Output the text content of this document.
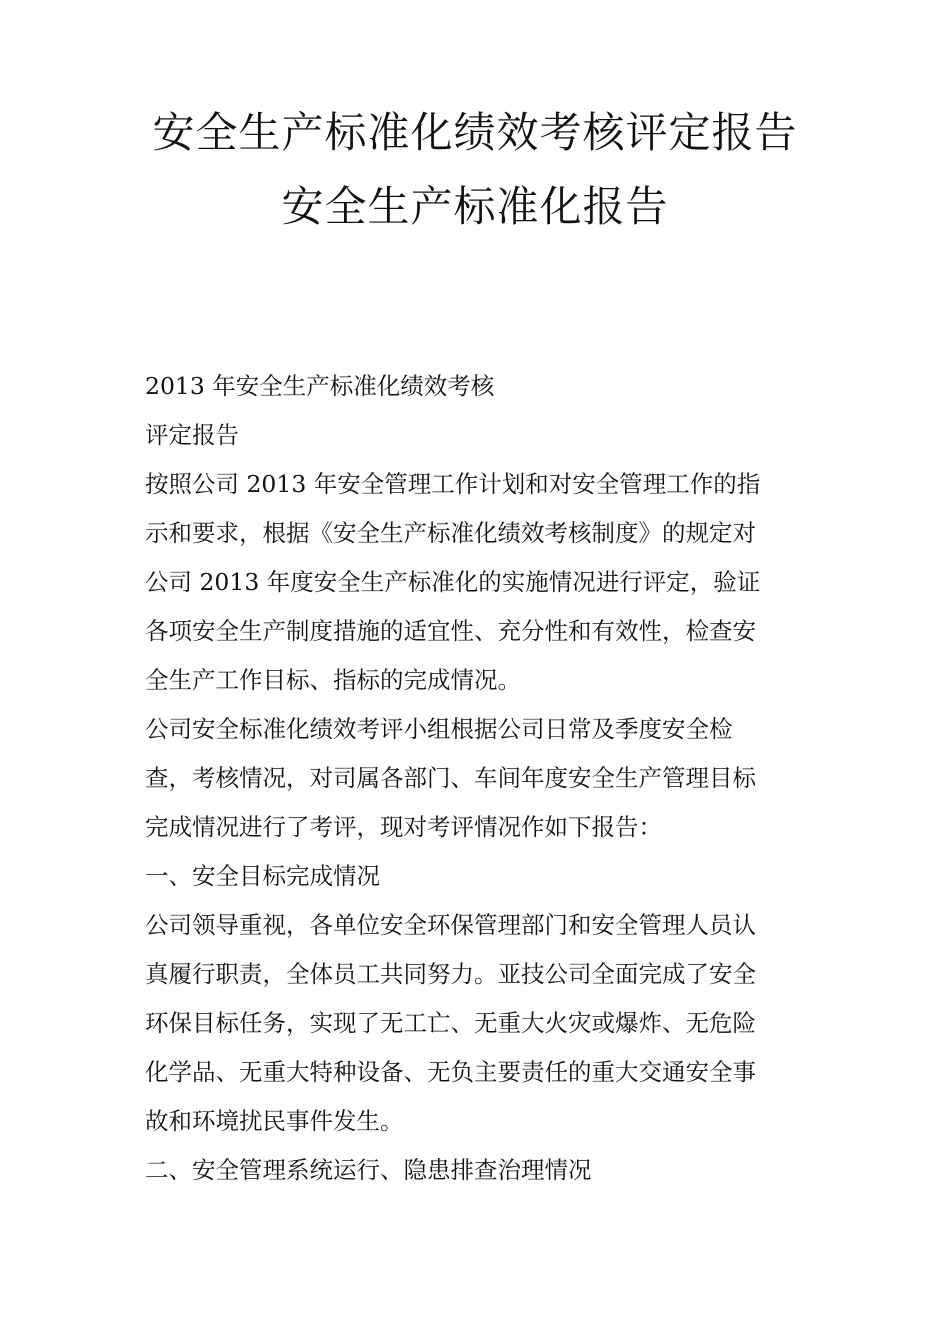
安全生产标准化绩效考核评定报告
安全生产标准化报告
2013 年安全生产标准化绩效考核
评定报告
按照公司 2013 年安全管理工作计划和对安全管理工作的指
示和要求，根据《安全生产标准化绩效考核制度》的规定对
公司 2013 年度安全生产标准化的实施情况进行评定，验证
各项安全生产制度措施的适宜性、充分性和有效性，检查安
全生产工作目标、指标的完成情况。
公司安全标准化绩效考评小组根据公司日常及季度安全检
查，考核情况，对司属各部门、车间年度安全生产管理目标
完成情况进行了考评，现对考评情况作如下报告：
一、安全目标完成情况
公司领导重视，各单位安全环保管理部门和安全管理人员认
真履行职责，全体员工共同努力。亚技公司全面完成了安全
环保目标任务，实现了无工亡、无重大火灾或爆炸、无危险
化学品、无重大特种设备、无负主要责任的重大交通安全事
故和环境扰民事件发生。
二、安全管理系统运行、隐患排查治理情况
